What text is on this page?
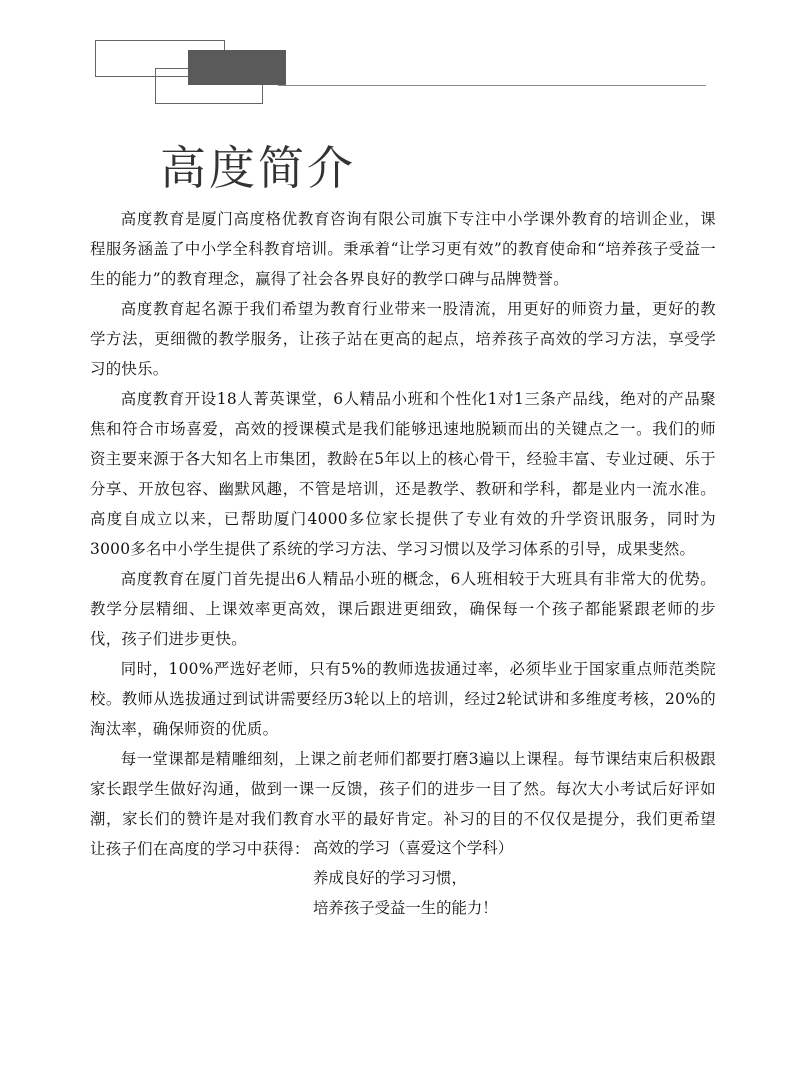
高度简介

高度教育是厦门高度格优教育咨询有限公司旗下专注中小学课外教育的培训企业，课程服务涵盖了中小学全科教育培训。秉承着“让学习更有效”的教育使命和“培养孩子受益一生的能力”的教育理念，赢得了社会各界良好的教学口碑与品牌赞誉。

高度教育起名源于我们希望为教育行业带来一股清流，用更好的师资力量，更好的教学方法，更细微的教学服务，让孩子站在更高的起点，培养孩子高效的学习方法，享受学习的快乐。

高度教育开设18人菁英课堂，6人精品小班和个性化1对1三条产品线，绝对的产品聚焦和符合市场喜爱，高效的授课模式是我们能够迅速地脱颖而出的关键点之一。我们的师资主要来源于各大知名上市集团，教龄在5年以上的核心骨干，经验丰富、专业过硬、乐于分享、开放包容、幽默风趣，不管是培训，还是教学、教研和学科，都是业内一流水准。高度自成立以来，已帮助厦门4000多位家长提供了专业有效的升学资讯服务，同时为3000多名中小学生提供了系统的学习方法、学习习惯以及学习体系的引导，成果斐然。

高度教育在厦门首先提出6人精品小班的概念，6人班相较于大班具有非常大的优势。教学分层精细、上课效率更高效，课后跟进更细致，确保每一个孩子都能紧跟老师的步伐，孩子们进步更快。

同时，100%严选好老师，只有5%的教师选拔通过率，必须毕业于国家重点师范类院校。教师从选拔通过到试讲需要经历3轮以上的培训，经过2轮试讲和多维度考核，20%的淘汰率，确保师资的优质。

每一堂课都是精雕细刻，上课之前老师们都要打磨3遍以上课程。每节课结束后积极跟家长跟学生做好沟通，做到一课一反馈，孩子们的进步一目了然。每次大小考试后好评如潮，家长们的赞许是对我们教育水平的最好肯定。补习的目的不仅仅是提分，我们更希望让孩子们在高度的学习中获得： 高效的学习（喜爱这个学科）
养成良好的学习习惯，
培养孩子受益一生的能力！
